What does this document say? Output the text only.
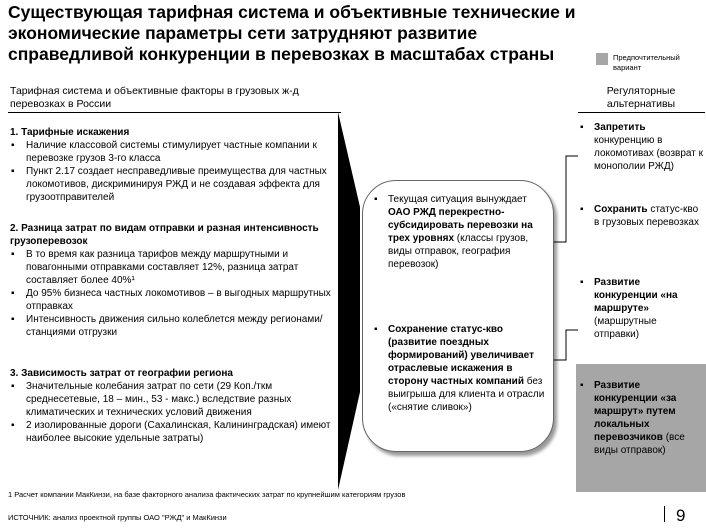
Существующая тарифная система и объективные технические и экономические параметры сети затрудняют развитие справедливой конкуренции в перевозках в масштабах страны	Предпочтительный вариант
Тарифная система и объективные факторы в грузовых ж-д перевозках в России
Регуляторные альтернативы
1. Тарифные искажения
▪ Наличие классовой системы стимулирует частные компании к перевозке грузов 3-го класса
▪ Пункт 2.17 создает несправедливые преимущества для частных локомотивов, дискриминируя РЖД и не создавая эффекта для грузоотправителей
2. Разница затрат по видам отправки и разная интенсивность грузоперевозок
▪ В то время как разница тарифов между маршрутными и повагонными отправками составляет 12%, разница затрат составляет более 40%¹
▪ До 95% бизнеса частных локомотивов – в выгодных маршрутных отправках
▪ Интенсивность движения сильно колеблется между регионами/станциями отгрузки
3. Зависимость затрат от географии региона
▪ Значительные колебания затрат по сети (29 Коп./ткм среднесетевые, 18 – мин., 53 - макс.) вследствие разных климатических и технических условий движения
▪ 2 изолированные дороги (Сахалинская, Калининградская) имеют наиболее высокие удельные затраты)
▪	Текущая ситуация вынуждает ОАО РЖД перекрестно-субсидировать перевозки на трех уровнях (классы грузов, виды отправок, география перевозок)
▪	Сохранение статус-кво (развитие поездных формирований) увеличивает отраслевые искажения в сторону частных компаний без выигрыша для клиента и отрасли («снятие сливок»)
▪	Запретить конкуренцию в локомотивах (возврат к монополии РЖД)
▪	Сохранить статус-кво в грузовых перевозках
▪	Развитие конкуренции «на маршруте» (маршрутные отправки)
▪	Развитие конкуренции «за маршрут» путем локальных перевозчиков (все виды отправок)
1 Расчет компании МакКинзи, на базе факторного анализа фактических затрат по крупнейшим категориям грузов
ИСТОЧНИК: анализ проектной группы ОАО "РЖД" и МакКинзи	9
